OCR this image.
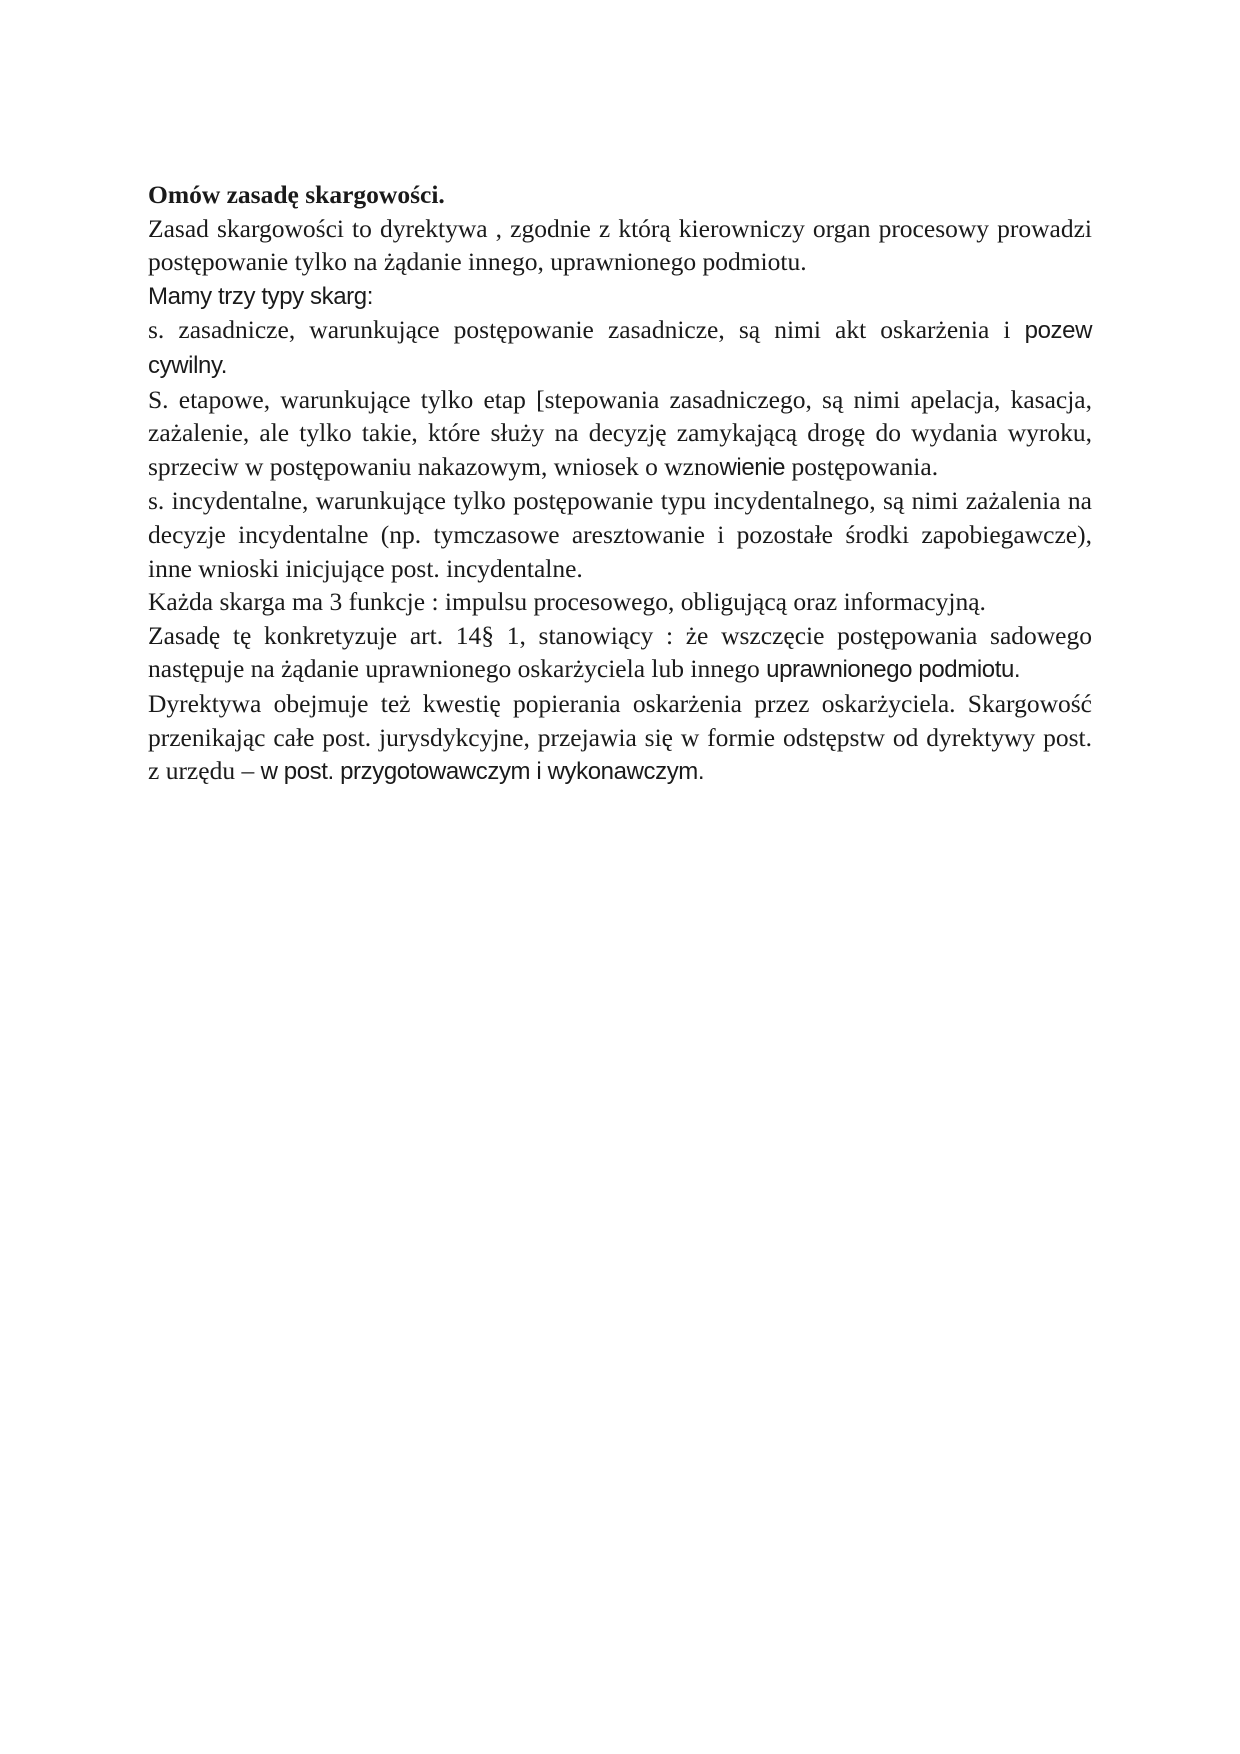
Omów zasadę skargowości.

Zasad skargowości to dyrektywa , zgodnie z którą kierowniczy organ procesowy prowadzi postępowanie tylko na żądanie innego, uprawnionego podmiotu.

Mamy trzy typy skarg:

s. zasadnicze, warunkujące postępowanie zasadnicze, są nimi akt oskarżenia i pozew cywilny.

S. etapowe, warunkujące tylko etap [stepowania zasadniczego, są nimi apelacja, kasacja, zażalenie, ale tylko takie, które służy na decyzję zamykającą drogę do wydania wyroku, sprzeciw w postępowaniu nakazowym, wniosek o wznowienie postępowania.

s. incydentalne, warunkujące tylko postępowanie typu incydentalnego, są nimi zażalenia na decyzje incydentalne (np. tymczasowe aresztowanie i pozostałe środki zapobiegawcze), inne wnioski inicjujące post. incydentalne.

Każda skarga ma 3 funkcje : impulsu procesowego, obligującą oraz informacyjną.

Zasadę tę konkretyzuje art. 14§ 1, stanowiący : że wszczęcie postępowania sadowego następuje na żądanie uprawnionego oskarżyciela lub innego uprawnionego podmiotu.

Dyrektywa obejmuje też kwestię popierania oskarżenia przez oskarżyciela. Skargowość przenikając całe post. jurysdykcyjne, przejawia się w formie odstępstw od dyrektywy post. z urzędu – w post. przygotowawczym i wykonawczym.
